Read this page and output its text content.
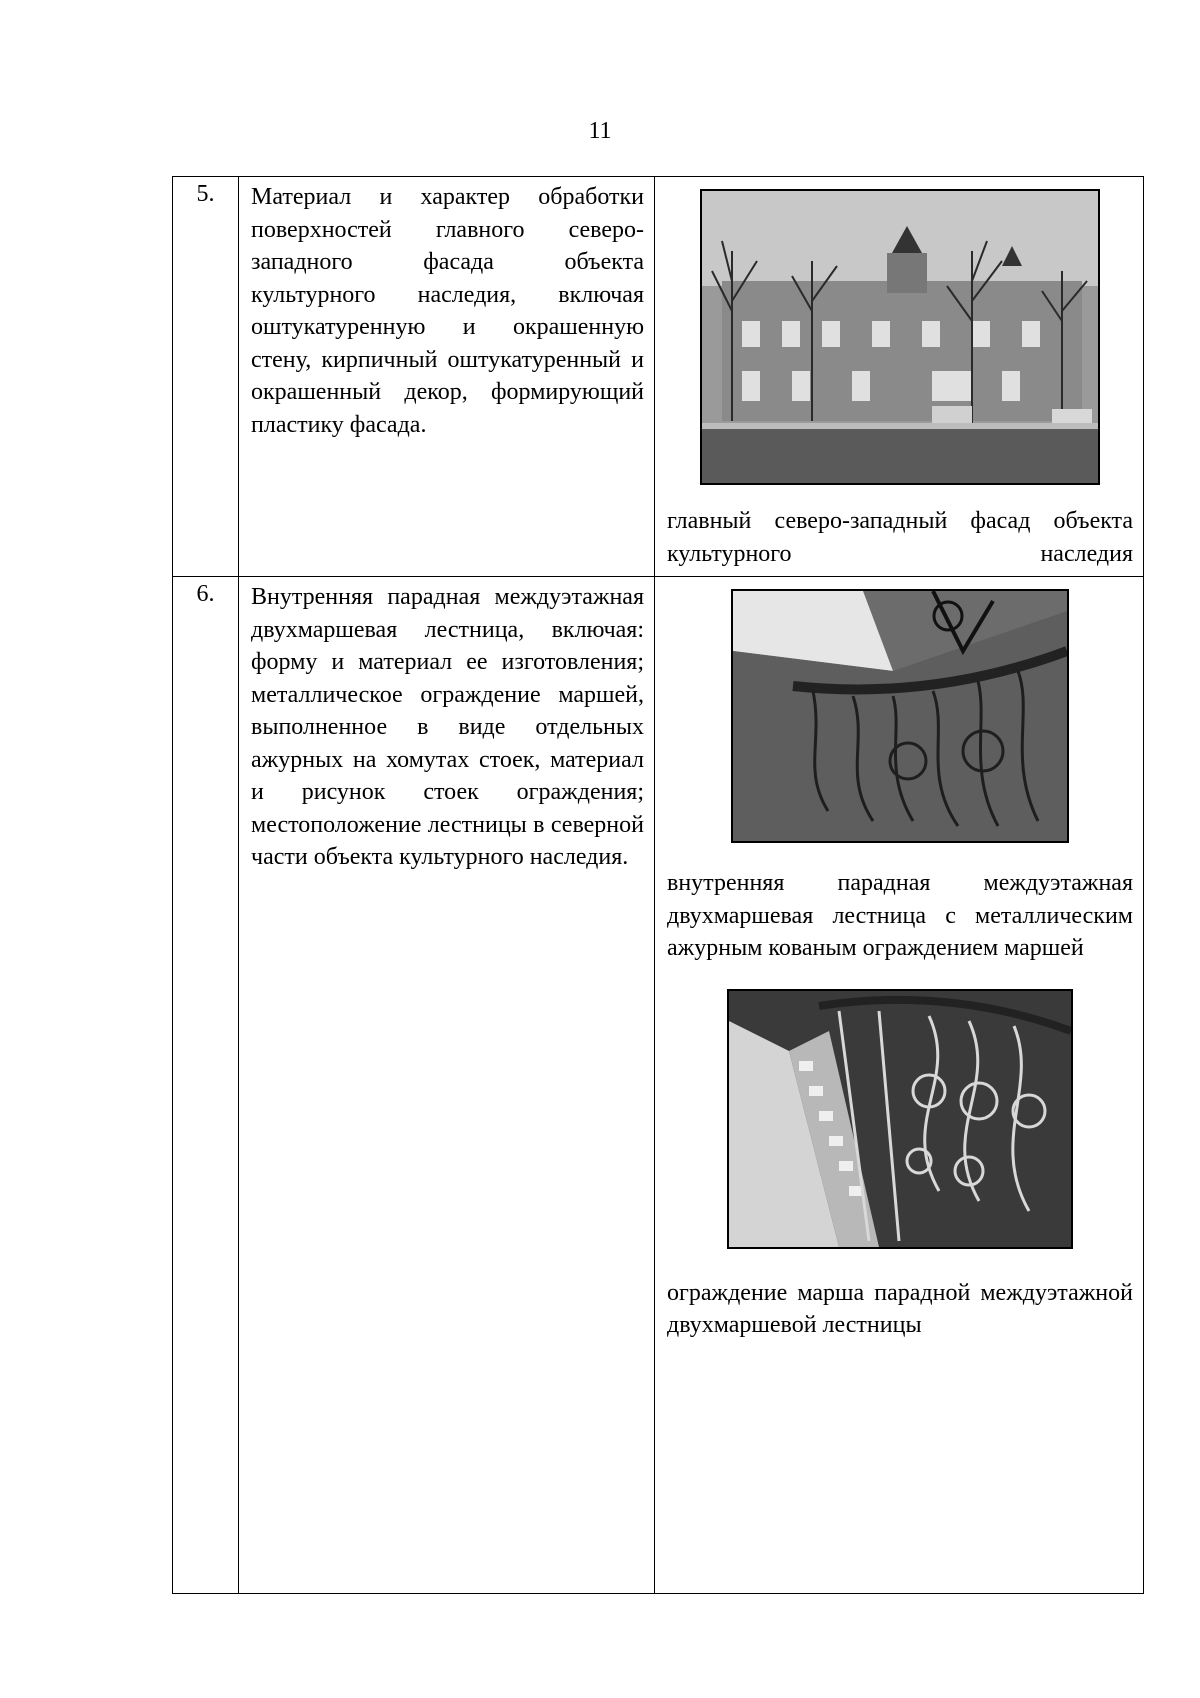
11
5.	Материал и характер обработки поверхностей главного северо-западного фасада объекта культурного наследия, включая оштукатуренную и окрашенную стену, кирпичный оштукатуренный и окрашенный декор, формирующий пластику фасада.	главный северо-западный фасад объекта культурного наследия

6.	Внутренняя парадная междуэтажная двухмаршевая лестница, включая: форму и материал ее изготовления; металлическое ограждение маршей, выполненное в виде отдельных ажурных на хомутах стоек, материал и рисунок стоек ограждения; местоположение лестницы в северной части объекта культурного наследия.	внутренняя парадная междуэтажная двухмаршевая лестница с металлическим ажурным кованым ограждением маршей
ограждение марша парадной междуэтажной двухмаршевой лестницы
